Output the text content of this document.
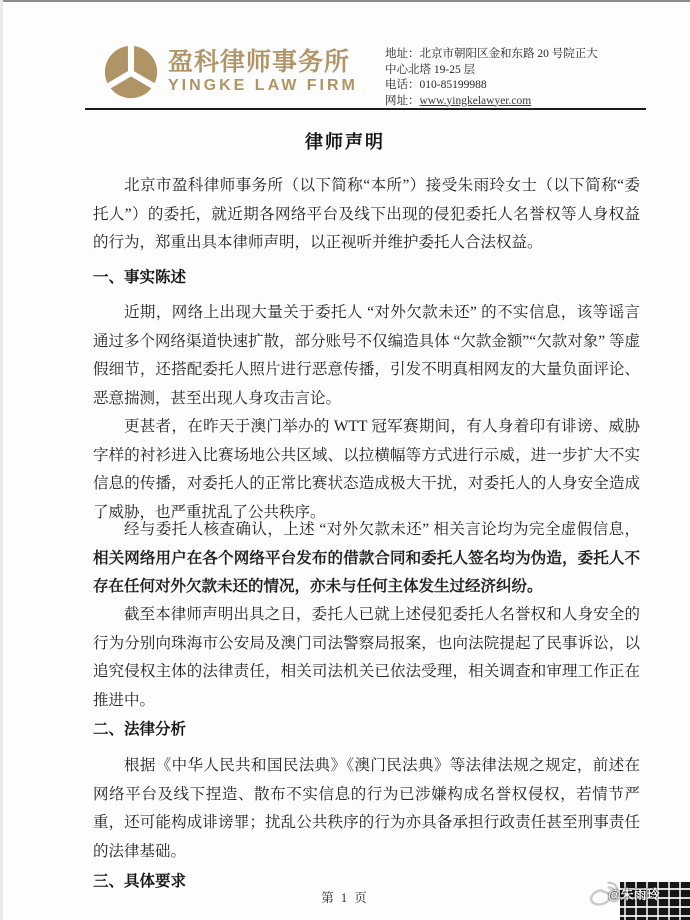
盈科律师事务所
YINGKE LAW FIRM
地址：北京市朝阳区金和东路 20 号院正大
中心北塔 19-25 层
电话：010-85199988
网址：www.yingkelawyer.com
律师声明

北京市盈科律师事务所（以下简称“本所”）接受朱雨玲女士（以下简称“委托人”）的委托，就近期各网络平台及线下出现的侵犯委托人名誉权等人身权益的行为，郑重出具本律师声明，以正视听并维护委托人合法权益。

一、事实陈述

近期，网络上出现大量关于委托人 “对外欠款未还” 的不实信息，该等谣言通过多个网络渠道快速扩散，部分账号不仅编造具体 “欠款金额”“欠款对象” 等虚假细节，还搭配委托人照片进行恶意传播，引发不明真相网友的大量负面评论、恶意揣测，甚至出现人身攻击言论。

更甚者，在昨天于澳门举办的 WTT 冠军赛期间，有人身着印有诽谤、威胁字样的衬衫进入比赛场地公共区域、以拉横幅等方式进行示威，进一步扩大不实信息的传播，对委托人的正常比赛状态造成极大干扰，对委托人的人身安全造成了威胁，也严重扰乱了公共秩序。

经与委托人核查确认，上述 “对外欠款未还” 相关言论均为完全虚假信息，相关网络用户在各个网络平台发布的借款合同和委托人签名均为伪造，委托人不存在任何对外欠款未还的情况，亦未与任何主体发生过经济纠纷。

截至本律师声明出具之日，委托人已就上述侵犯委托人名誉权和人身安全的行为分别向珠海市公安局及澳门司法警察局报案，也向法院提起了民事诉讼，以追究侵权主体的法律责任，相关司法机关已依法受理，相关调查和审理工作正在推进中。

二、法律分析

根据《中华人民共和国民法典》《澳门民法典》等法律法规之规定，前述在网络平台及线下捏造、散布不实信息的行为已涉嫌构成名誉权侵权，若情节严重，还可能构成诽谤罪；扰乱公共秩序的行为亦具备承担行政责任甚至刑事责任的法律基础。

三、具体要求
第 1 页	@朱雨玲
